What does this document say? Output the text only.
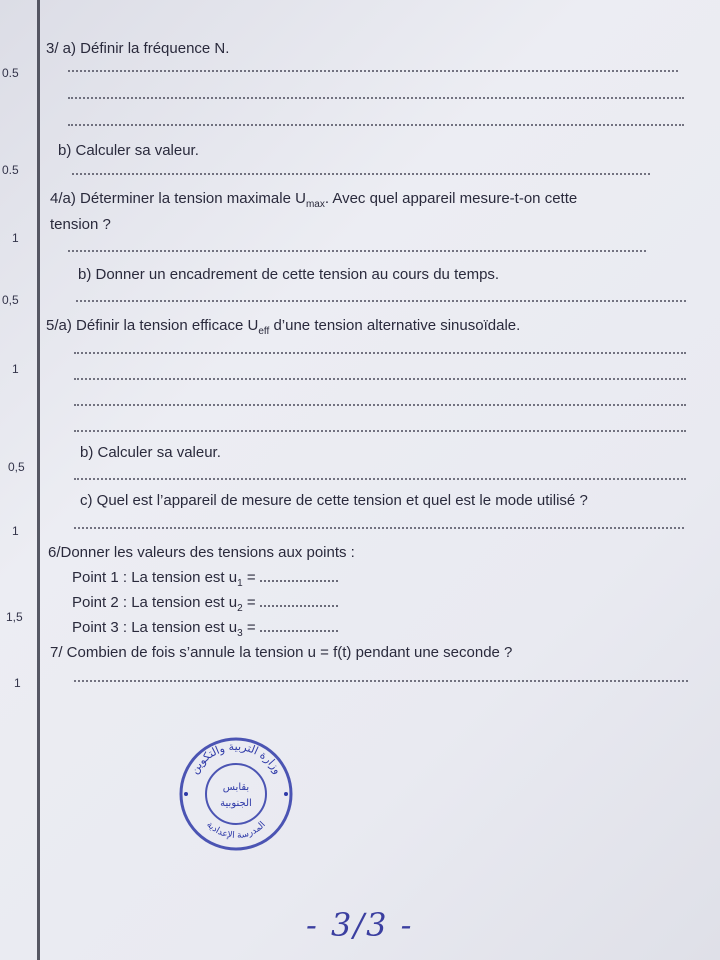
0.5
0.5
1
0,5
1
0,5
1
1,5
1
3/ a) Définir la fréquence N.
b) Calculer sa valeur.
4/a) Déterminer la tension maximale $U_{max}$. Avec quel appareil mesure-t-on cette
tension ?
b) Donner un encadrement de cette tension au cours du temps.
5/a) Définir la tension efficace $U_{eff}$ d’une tension alternative sinusoïdale.
b) Calculer sa valeur.
c) Quel est l’appareil de mesure de cette tension et quel est le mode utilisé ?
6/Donner les valeurs des tensions aux points :
Point 1 : La tension est $u_1$ =
Point 2 : La tension est $u_2$ =
Point 3 : La tension est $u_3$ =
7/ Combien de fois s’annule la tension u = f(t) pendant une seconde ?
وزارة التربية والتكوين
المدرسة الإعدادية
بقابس
الجنوبية
- 3/3 -
